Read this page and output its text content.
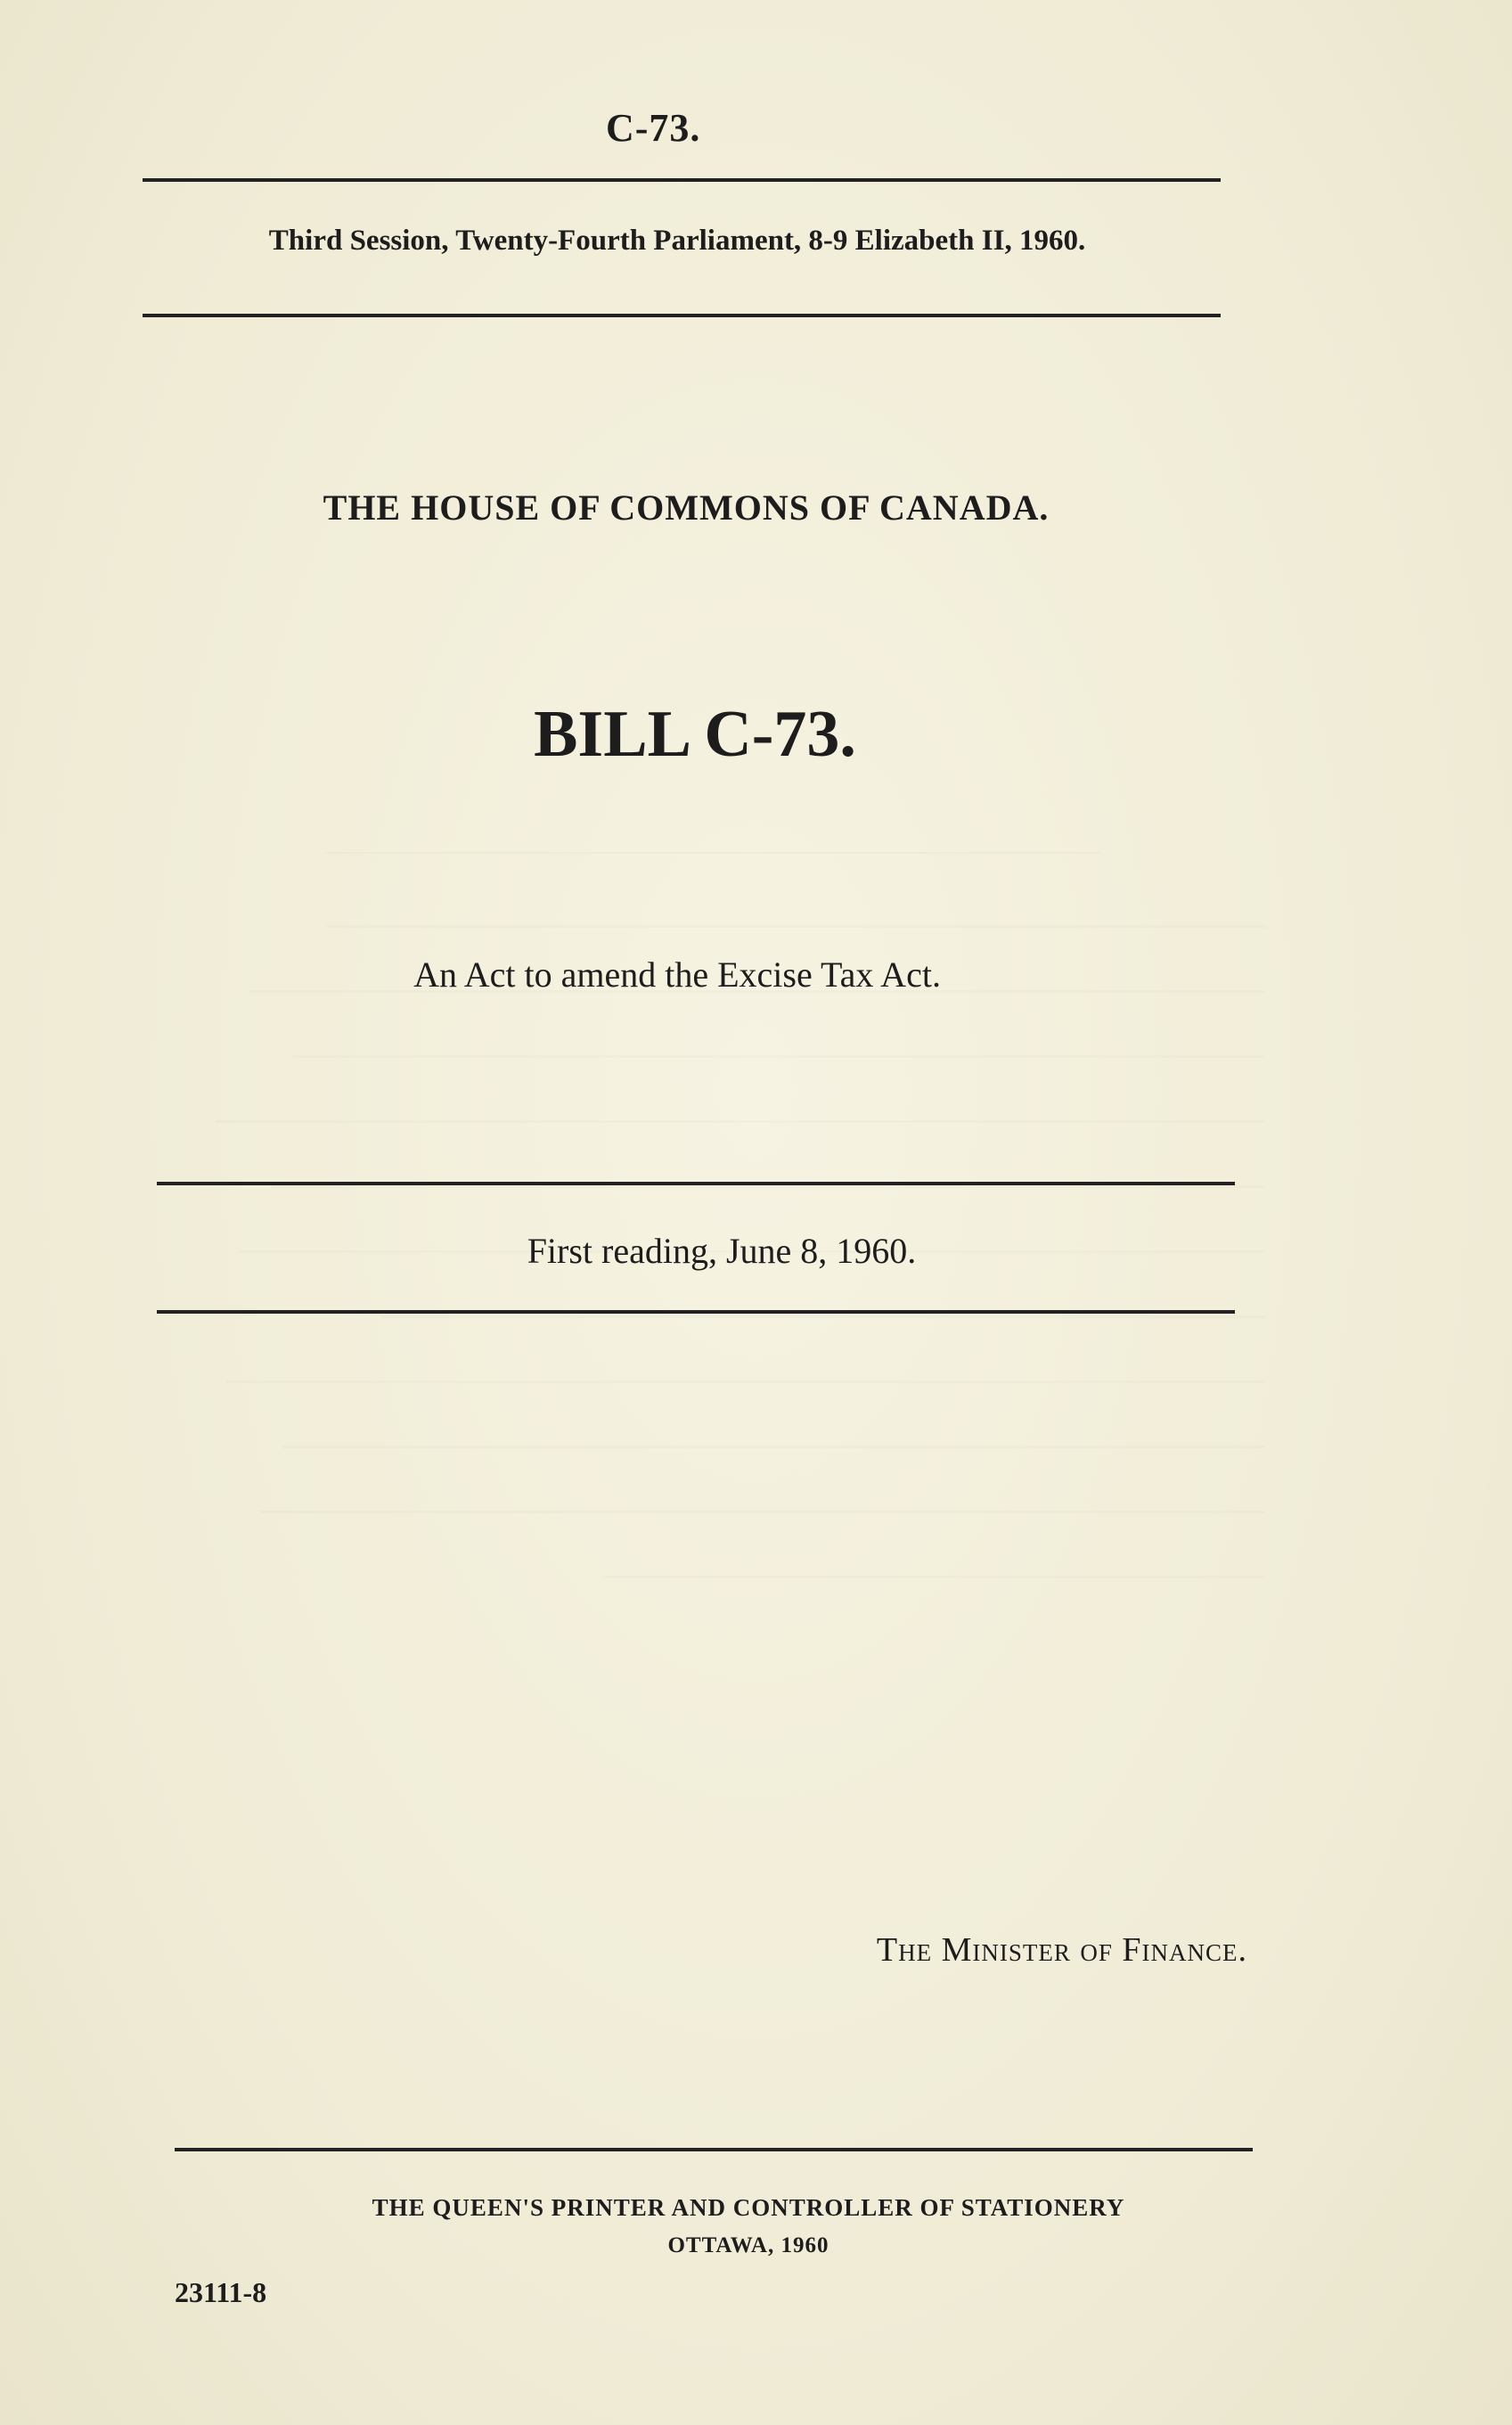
C-73.
Third Session, Twenty-Fourth Parliament, 8-9 Elizabeth II, 1960.
THE HOUSE OF COMMONS OF CANADA.
BILL C-73.
An Act to amend the Excise Tax Act.
First reading, June 8, 1960.
The Minister of Finance.
THE QUEEN'S PRINTER AND CONTROLLER OF STATIONERY
OTTAWA, 1960
23111-8
